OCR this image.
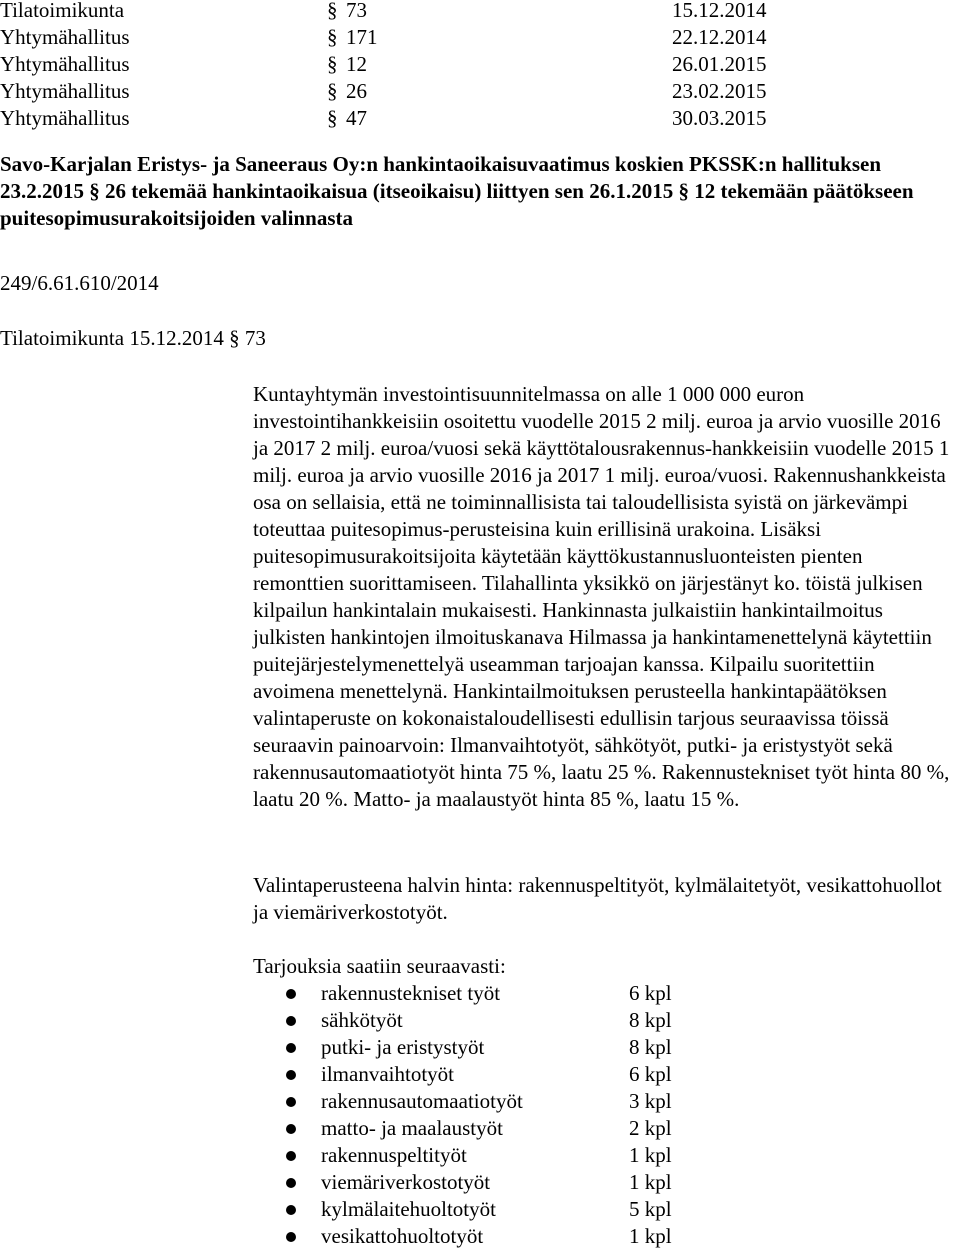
Tilatoimikunta	§ 73	15.12.2014
Yhtymähallitus	§ 171	22.12.2014
Yhtymähallitus	§ 12	26.01.2015
Yhtymähallitus	§ 26	23.02.2015
Yhtymähallitus	§ 47	30.03.2015
Savo-Karjalan Eristys- ja Saneeraus Oy:n hankintaoikaisuvaatimus koskien PKSSK:n hallituksen 23.2.2015 § 26 tekemää hankintaoikaisua (itseoikaisu) liittyen sen 26.1.2015 § 12 tekemään päätökseen puitesopimusurakoitsijoiden valinnasta
249/6.61.610/2014
Tilatoimikunta 15.12.2014 § 73
Kuntayhtymän investointisuunnitelmassa on alle 1 000 000 euron investointihankkeisiin osoitettu vuodelle 2015 2 milj. euroa ja arvio vuosille 2016 ja 2017 2 milj. euroa/vuosi sekä käyttötalousrakennus-hankkeisiin vuodelle 2015 1 milj. euroa ja arvio vuosille 2016 ja 2017 1 milj. euroa/vuosi. Rakennushankkeista osa on sellaisia, että ne toiminnallisista tai taloudellisista syistä on järkevämpi toteuttaa puitesopimus-perusteisina kuin erillisinä urakoina. Lisäksi puitesopimusurakoitsijoita käytetään käyttökustannusluonteisten pienten remonttien suorittamiseen. Tilahallinta yksikkö on järjestänyt ko. töistä julkisen kilpailun hankintalain mukaisesti. Hankinnasta julkaistiin hankintailmoitus julkisten hankintojen ilmoituskanava Hilmassa ja hankintamenettelynä käytettiin puitejärjestelymenettelyä useamman tarjoajan kanssa. Kilpailu suoritettiin avoimena menettelynä. Hankintailmoituksen perusteella hankintapäätöksen valintaperuste on kokonaistaloudellisesti edullisin tarjous seuraavissa töissä seuraavin painoarvoin: Ilmanvaihtotyöt, sähkötyöt, putki- ja eristystyöt sekä rakennusautomaatiotyöt hinta 75 %, laatu 25 %. Rakennustekniset työt hinta 80 %, laatu 20 %. Matto- ja maalaustyöt hinta 85 %, laatu 15 %.
Valintaperusteena halvin hinta: rakennuspeltityöt, kylmälaitetyöt, vesikattohuollot ja viemäriverkostotyöt.
Tarjouksia saatiin seuraavasti:
rakennustekniset työt	6 kpl
sähkötyöt	8 kpl
putki- ja eristystyöt	8 kpl
ilmanvaihtotyöt	6 kpl
rakennusautomaatiotyöt	3 kpl
matto- ja maalaustyöt	2 kpl
rakennuspeltityöt	1 kpl
viemäriverkostotyöt	1 kpl
kylmälaitehuoltotyöt	5 kpl
vesikattohuoltotyöt	1 kpl
